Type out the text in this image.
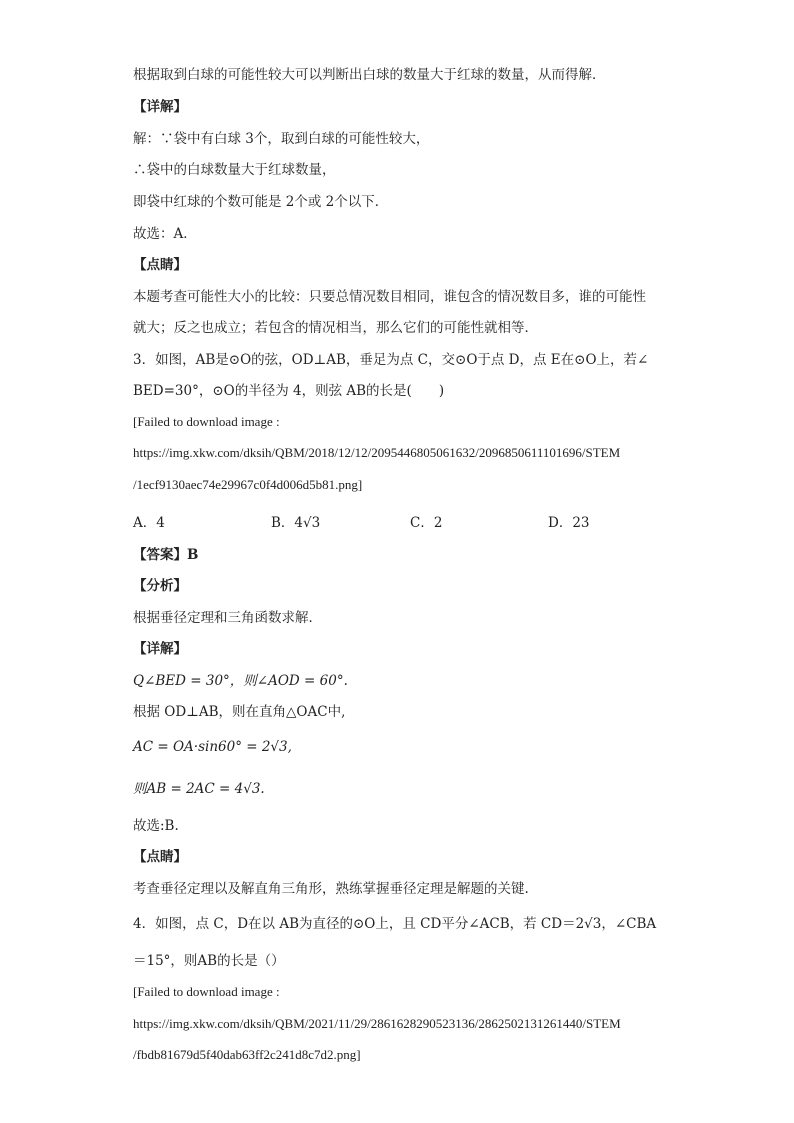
根据取到白球的可能性较大可以判断出白球的数量大于红球的数量，从而得解．
【详解】
解：∵袋中有白球 3个，取到白球的可能性较大，
∴袋中的白球数量大于红球数量，
即袋中红球的个数可能是 2个或 2个以下．
故选：A．
【点睛】
本题考查可能性大小的比较：只要总情况数目相同，谁包含的情况数目多，谁的可能性
就大；反之也成立；若包含的情况相当，那么它们的可能性就相等．
3．如图，AB是⊙O的弦，OD⊥AB，垂足为点 C，交⊙O于点 D，点 E在⊙O上，若∠
BED=30°，⊙O的半径为 4，则弦 AB的长是(　　)
[Failed to download image :
https://img.xkw.com/dksih/QBM/2018/12/12/2095446805061632/2096850611101696/STEM
/1ecf9130aec74e29967c0f4d006d5b81.png]
A．4	B．4√3	C．2	D．23
【答案】B
【分析】
根据垂径定理和三角函数求解．
【详解】
Q∠BED = 30°，则∠AOD = 60°.
根据 OD⊥AB，则在直角△OAC中,
AC = OA·sin60° = 2√3,
则AB = 2AC = 4√3.
故选:B.
【点睛】
考查垂径定理以及解直角三角形，熟练掌握垂径定理是解题的关键.
4．如图，点 C，D在以 AB为直径的⊙O上，且 CD平分∠ACB，若 CD＝2√3，∠CBA
＝15°，则AB的长是（）
[Failed to download image :
https://img.xkw.com/dksih/QBM/2021/11/29/2861628290523136/2862502131261440/STEM
/fbdb81679d5f40dab63ff2c241d8c7d2.png]
